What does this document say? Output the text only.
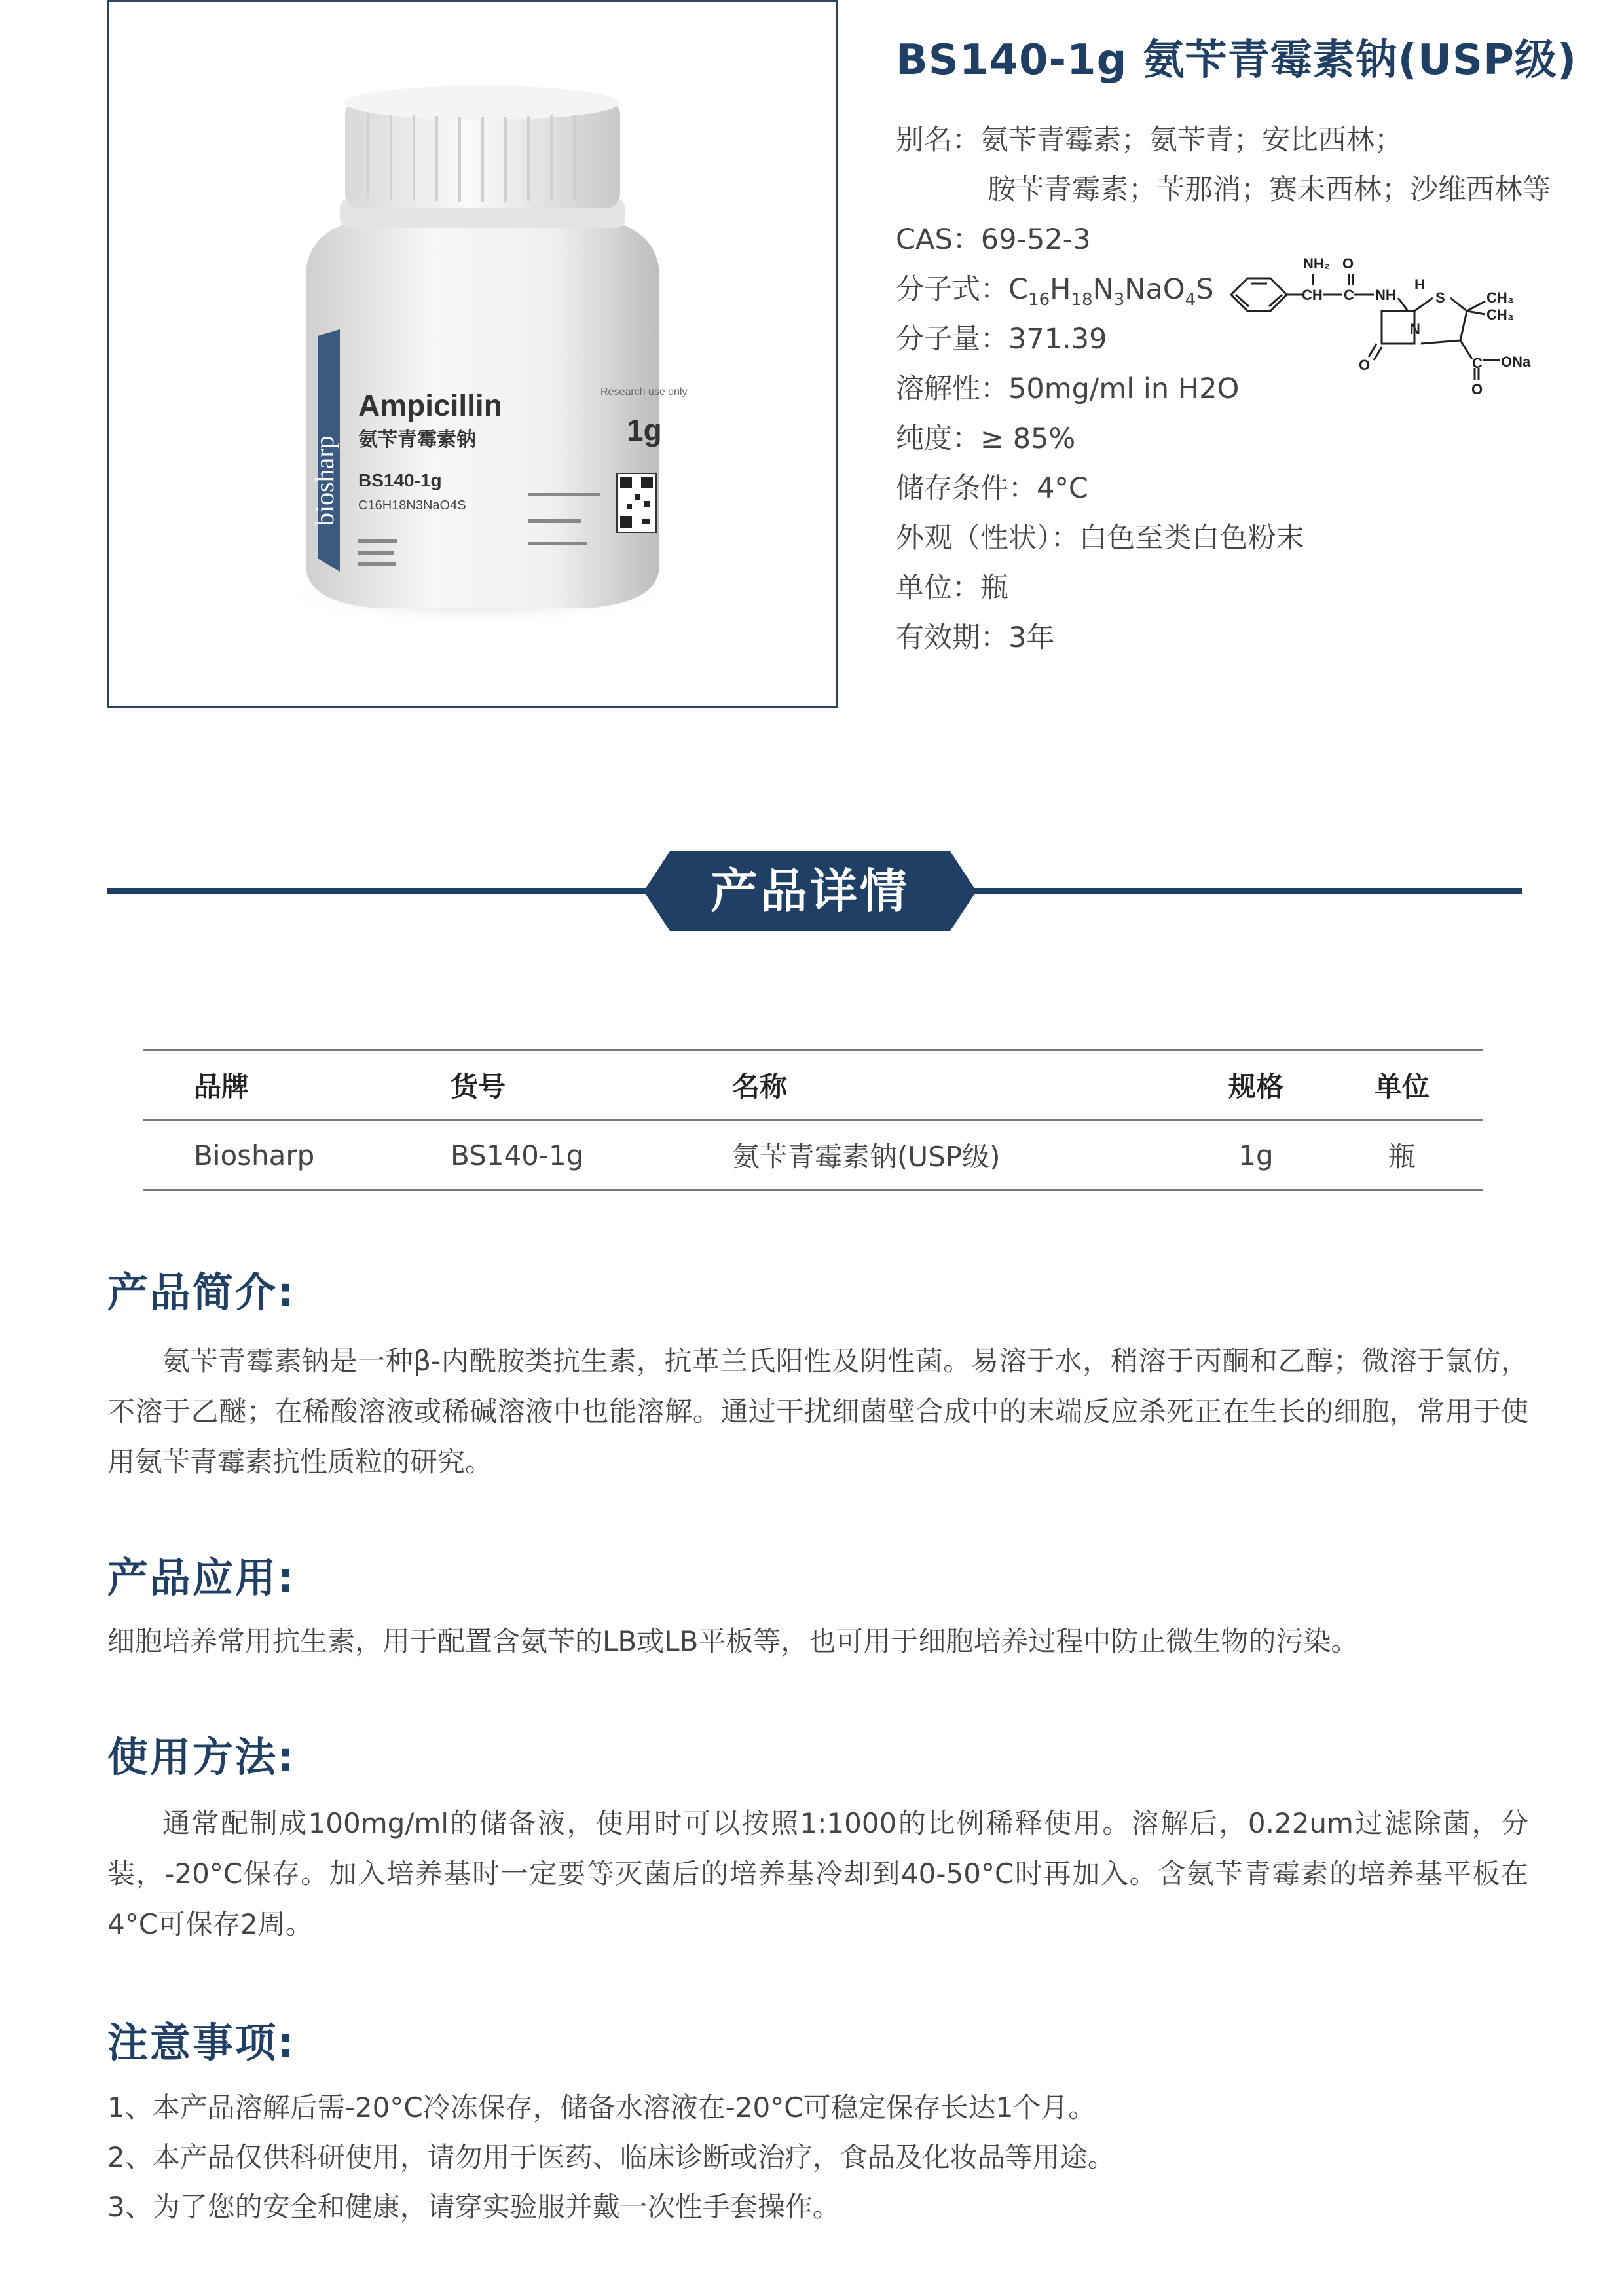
biosharp
Ampicillin
氨苄青霉素钠
BS140-1g
C16H18N3NaO4S
Research use only
1g
BS140-1g 氨苄青霉素钠(USP级)
别名：氨苄青霉素；氨苄青；安比西林；
胺苄青霉素；苄那消；赛未西林；沙维西林等
CAS：69-52-3
分子式：$C_{16}H_{18}N_3NaO_4S$
分子量：371.39
溶解性：50mg/ml in H2O
纯度：≥ 85%
储存条件：4°C
外观（性状）：白色至类白色粉末
单位：瓶
有效期：3年
NH₂ O
CH C NH
H
S	CH₃
CH₃
N
O	C ONa
O
产品详情
品牌	货号	名称	规格	单位
Biosharp	BS140-1g	氨苄青霉素钠(USP级)	1g	瓶
产品简介:

氨苄青霉素钠是一种β-内酰胺类抗生素，抗革兰氏阳性及阴性菌。易溶于水，稍溶于丙酮和乙醇；微溶于氯仿，不溶于乙醚；在稀酸溶液或稀碱溶液中也能溶解。通过干扰细菌壁合成中的末端反应杀死正在生长的细胞，常用于使用氨苄青霉素抗性质粒的研究。

产品应用:

细胞培养常用抗生素，用于配置含氨苄的LB或LB平板等，也可用于细胞培养过程中防止微生物的污染。

使用方法:

通常配制成100mg/ml的储备液，使用时可以按照1:1000的比例稀释使用。溶解后，0.22um过滤除菌，分装，-20°C保存。加入培养基时一定要等灭菌后的培养基冷却到40-50°C时再加入。含氨苄青霉素的培养基平板在4°C可保存2周。

注意事项:
1、本产品溶解后需-20°C冷冻保存，储备水溶液在-20°C可稳定保存长达1个月。
2、本产品仅供科研使用，请勿用于医药、临床诊断或治疗，食品及化妆品等用途。
3、为了您的安全和健康，请穿实验服并戴一次性手套操作。
